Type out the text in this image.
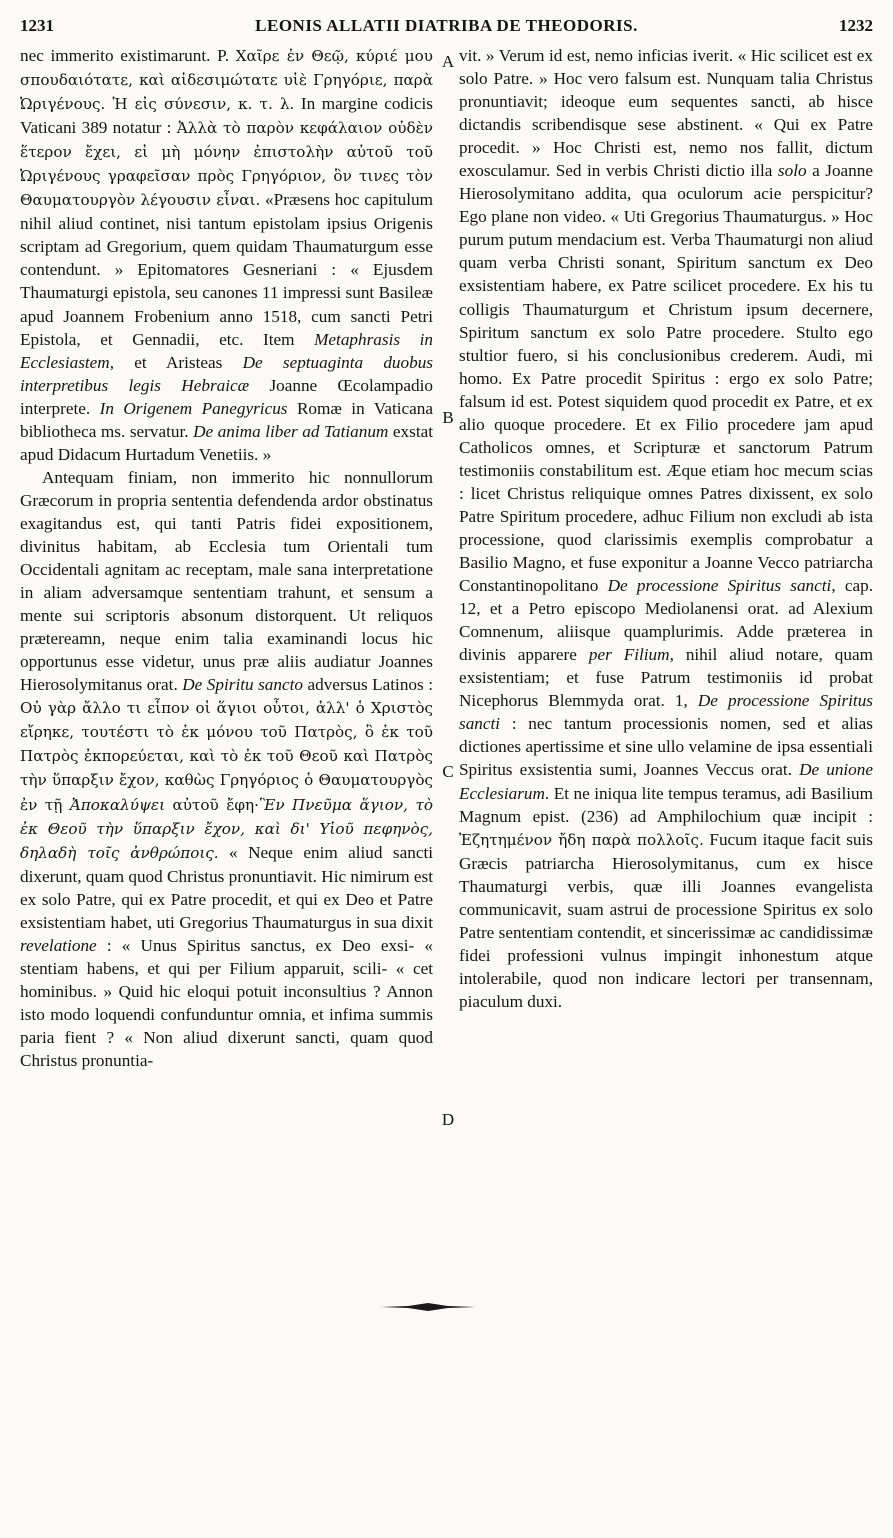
1231	LEONIS ALLATII DIATRIBA DE THEODORIS.	1232

nec immerito existimarunt. P. Χαῖρε ἐν Θεῷ, κύριέ μου σπουδαιότατε, καὶ αἰδεσιμώτατε υἱὲ Γρηγόριε, παρὰ Ὠριγένους. Ἡ εἰς σύνεσιν, κ. τ. λ. In margine codicis Vaticani 389 notatur : Ἀλλὰ τὸ παρὸν κεφάλαιον οὐδὲν ἕτερον ἔχει, εἰ μὴ μόνην ἐπιστολὴν αὐτοῦ τοῦ Ὠριγένους γραφεῖσαν πρὸς Γρηγόριον, ὃν τινες τὸν Θαυματουργὸν λέγουσιν εἶναι. «Præsens hoc capitulum nihil aliud continet, nisi tantum epistolam ipsius Origenis scriptam ad Gregorium, quem quidam Thaumaturgum esse contendunt. » Epitomatores Gesneriani : « Ejusdem Thaumaturgi epistola, seu canones 11 impressi sunt Basileæ apud Joannem Frobenium anno 1518, cum sancti Petri Epistola, et Gennadii, etc. Item Metaphrasis in Ecclesiastem, et Aristeas De septuaginta duobus interpretibus legis Hebraicæ Joanne Œcolampadio interprete. In Origenem Panegyricus Romæ in Vaticana bibliotheca ms. servatur. De anima liber ad Tatianum exstat apud Didacum Hurtadum Venetiis. »

Antequam finiam, non immerito hic nonnullorum Græcorum in propria sententia defendenda ardor obstinatus exagitandus est, qui tanti Patris fidei expositionem, divinitus habitam, ab Ecclesia tum Orientali tum Occidentali agnitam ac receptam, male sana interpretatione in aliam adversamque sententiam trahunt, et sensum a mente sui scriptoris absonum distorquent. Ut reliquos prætereamn, neque enim talia examinandi locus hic opportunus esse videtur, unus præ aliis audiatur Joannes Hierosolymitanus orat. De Spiritu sancto adversus Latinos : Οὐ γὰρ ἄλλο τι εἶπον οἱ ἅγιοι οὗτοι, ἀλλ' ὁ Χριστὸς εἴρηκε, τουτέστι τὸ ἐκ μόνου τοῦ Πατρὸς, ὃ ἐκ τοῦ Πατρὸς ἐκπορεύεται, καὶ τὸ ἐκ τοῦ Θεοῦ καὶ Πατρὸς τὴν ὕπαρξιν ἔχον, καθὼς Γρηγόριος ὁ Θαυματουργὸς ἐν τῇ Ἀποκαλύψει αὐτοῦ ἔφη·Ἓν Πνεῦμα ἅγιον, τὸ ἐκ Θεοῦ τὴν ὕπαρξιν ἔχον, καὶ δι' Υἱοῦ πεφηνὸς, δηλαδὴ τοῖς ἀνθρώποις. « Neque enim aliud sancti dixerunt, quam quod Christus pronuntiavit. Hic nimirum est ex solo Patre, qui ex Patre procedit, et qui ex Deo et Patre exsistentiam habet, uti Gregorius Thaumaturgus in sua dixit revelatione : « Unus Spiritus sanctus, ex Deo exsi- « stentiam habens, et qui per Filium apparuit, scili- « cet hominibus. » Quid hic eloqui potuit inconsultius ? Annon isto modo loquendi confunduntur omnia, et infima summis paria fient ? « Non aliud dixerunt sancti, quam quod Christus pronuntia-

A
B
C
D

vit. » Verum id est, nemo inficias iverit. « Hic scilicet est ex solo Patre. » Hoc vero falsum est. Nunquam talia Christus pronuntiavit; ideoque eum sequentes sancti, ab hisce dictandis scribendisque sese abstinent. « Qui ex Patre procedit. » Hoc Christi est, nemo nos fallit, dictum exosculamur. Sed in verbis Christi dictio illa solo a Joanne Hierosolymitano addita, qua oculorum acie perspicitur? Ego plane non video. « Uti Gregorius Thaumaturgus. » Hoc purum putum mendacium est. Verba Thaumaturgi non aliud quam verba Christi sonant, Spiritum sanctum ex Deo exsistentiam habere, ex Patre scilicet procedere. Ex his tu colligis Thaumaturgum et Christum ipsum decernere, Spiritum sanctum ex solo Patre procedere. Stulto ego stultior fuero, si his conclusionibus crederem. Audi, mi homo. Ex Patre procedit Spiritus : ergo ex solo Patre; falsum id est. Potest siquidem quod procedit ex Patre, et ex alio quoque procedere. Et ex Filio procedere jam apud Catholicos omnes, et Scripturæ et sanctorum Patrum testimoniis constabilitum est. Æque etiam hoc mecum scias : licet Christus reliquique omnes Patres dixissent, ex solo Patre Spiritum procedere, adhuc Filium non excludi ab ista processione, quod clarissimis exemplis comprobatur a Basilio Magno, et fuse exponitur a Joanne Vecco patriarcha Constantinopolitano De processione Spiritus sancti, cap. 12, et a Petro episcopo Mediolanensi orat. ad Alexium Comnenum, aliisque quamplurimis. Adde præterea in divinis apparere per Filium, nihil aliud notare, quam exsistentiam; et fuse Patrum testimoniis id probat Nicephorus Blemmyda orat. 1, De processione Spiritus sancti : nec tantum processionis nomen, sed et alias dictiones apertissime et sine ullo velamine de ipsa essentiali Spiritus exsistentia sumi, Joannes Veccus orat. De unione Ecclesiarum. Et ne iniqua lite tempus teramus, adi Basilium Magnum epist. (236) ad Amphilochium quæ incipit : Ἐζητημένον ἤδη παρὰ πολλοῖς. Fucum itaque facit suis Græcis patriarcha Hierosolymitanus, cum ex hisce Thaumaturgi verbis, quæ illi Joannes evangelista communicavit, suam astrui de processione Spiritus ex solo Patre sententiam contendit, et sincerissimæ ac candidissimæ fidei professioni vulnus impingit inhonestum atque intolerabile, quod non indicare lectori per transennam, piaculum duxi.
